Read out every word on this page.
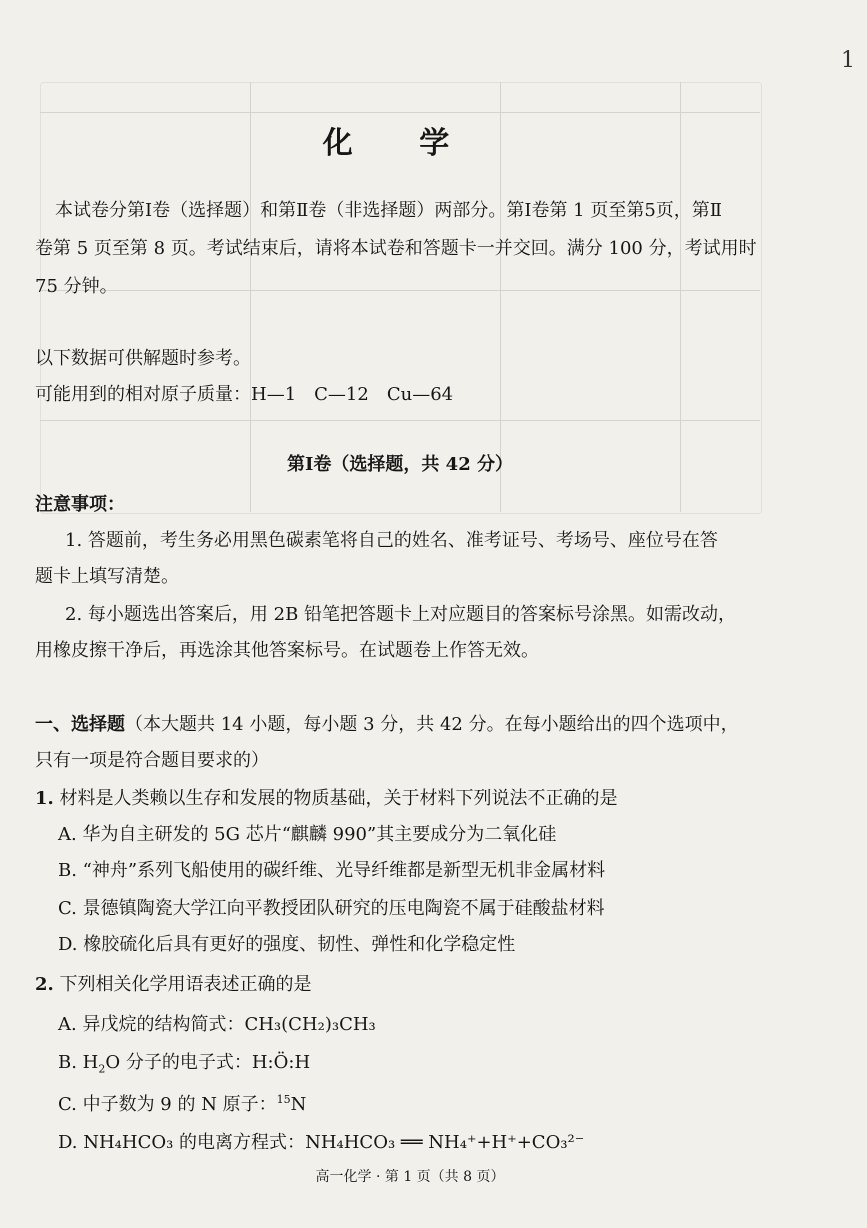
1
化 学
本试卷分第Ⅰ卷（选择题）和第Ⅱ卷（非选择题）两部分。第Ⅰ卷第 1 页至第5页，第Ⅱ
卷第 5 页至第 8 页。考试结束后，请将本试卷和答题卡一并交回。满分 100 分，考试用时
75 分钟。
以下数据可供解题时参考。
可能用到的相对原子质量：H—1　C—12　Cu—64
第Ⅰ卷（选择题，共 42 分）
注意事项：
1. 答题前，考生务必用黑色碳素笔将自己的姓名、准考证号、考场号、座位号在答
题卡上填写清楚。
2. 每小题选出答案后，用 2B 铅笔把答题卡上对应题目的答案标号涂黑。如需改动，
用橡皮擦干净后，再选涂其他答案标号。在试题卷上作答无效。
一、选择题（本大题共 14 小题，每小题 3 分，共 42 分。在每小题给出的四个选项中，
只有一项是符合题目要求的）
1. 材料是人类赖以生存和发展的物质基础，关于材料下列说法不正确的是
A. 华为自主研发的 5G 芯片“麒麟 990”其主要成分为二氧化硅
B. “神舟”系列飞船使用的碳纤维、光导纤维都是新型无机非金属材料
C. 景德镇陶瓷大学江向平教授团队研究的压电陶瓷不属于硅酸盐材料
D. 橡胶硫化后具有更好的强度、韧性、弹性和化学稳定性
2. 下列相关化学用语表述正确的是
A. 异戊烷的结构简式：CH₃(CH₂)₃CH₃
B. $H_2O$ 分子的电子式：H:Ö:H
C. 中子数为 9 的 N 原子：$^{15}$N
D. NH₄HCO₃ 的电离方程式：NH₄HCO₃ ══ NH₄⁺+H⁺+CO₃²⁻
高一化学 · 第 1 页（共 8 页）
